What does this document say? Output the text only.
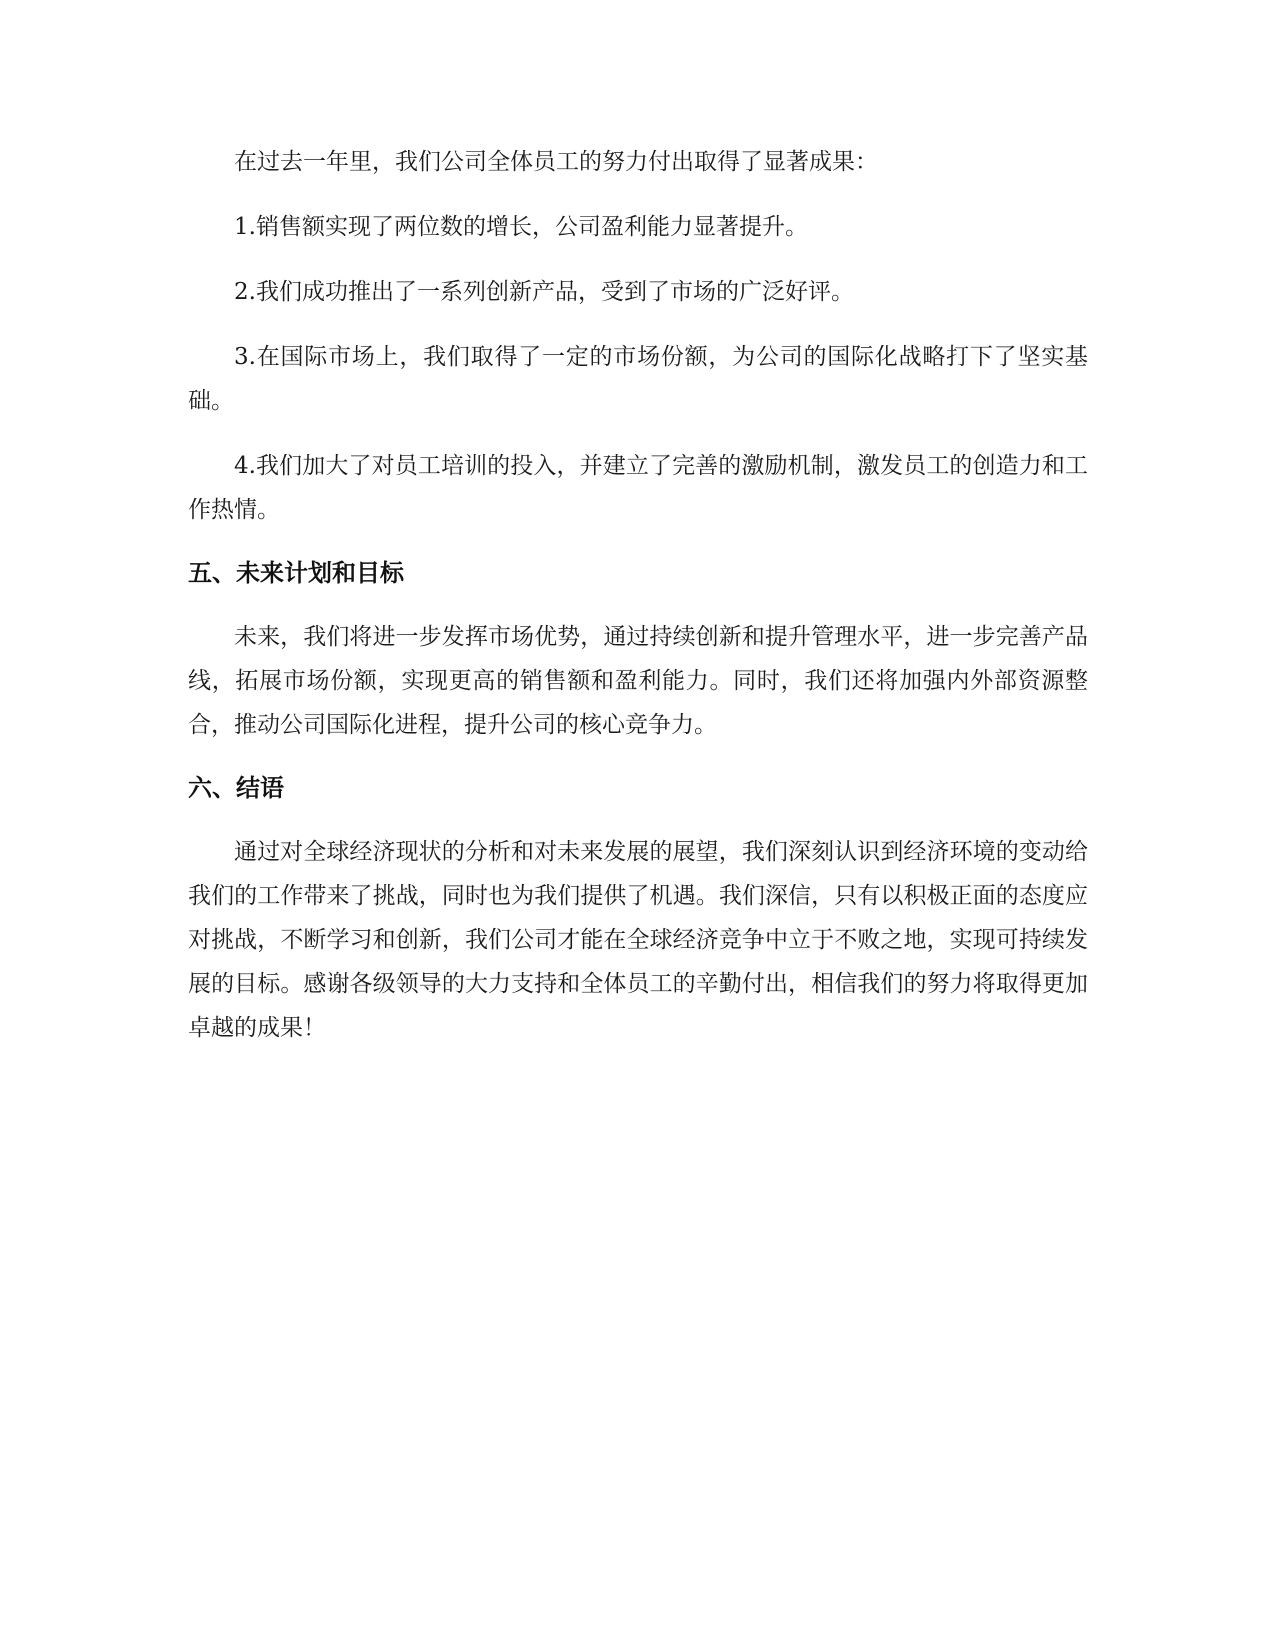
在过去一年里，我们公司全体员工的努力付出取得了显著成果：

1.销售额实现了两位数的增长，公司盈利能力显著提升。

2.我们成功推出了一系列创新产品，受到了市场的广泛好评。

3.在国际市场上，我们取得了一定的市场份额，为公司的国际化战略打下了坚实基础。

4.我们加大了对员工培训的投入，并建立了完善的激励机制，激发员工的创造力和工作热情。

五、未来计划和目标

未来，我们将进一步发挥市场优势，通过持续创新和提升管理水平，进一步完善产品线，拓展市场份额，实现更高的销售额和盈利能力。同时，我们还将加强内外部资源整合，推动公司国际化进程，提升公司的核心竞争力。

六、结语

通过对全球经济现状的分析和对未来发展的展望，我们深刻认识到经济环境的变动给我们的工作带来了挑战，同时也为我们提供了机遇。我们深信，只有以积极正面的态度应对挑战，不断学习和创新，我们公司才能在全球经济竞争中立于不败之地，实现可持续发展的目标。感谢各级领导的大力支持和全体员工的辛勤付出，相信我们的努力将取得更加卓越的成果！
